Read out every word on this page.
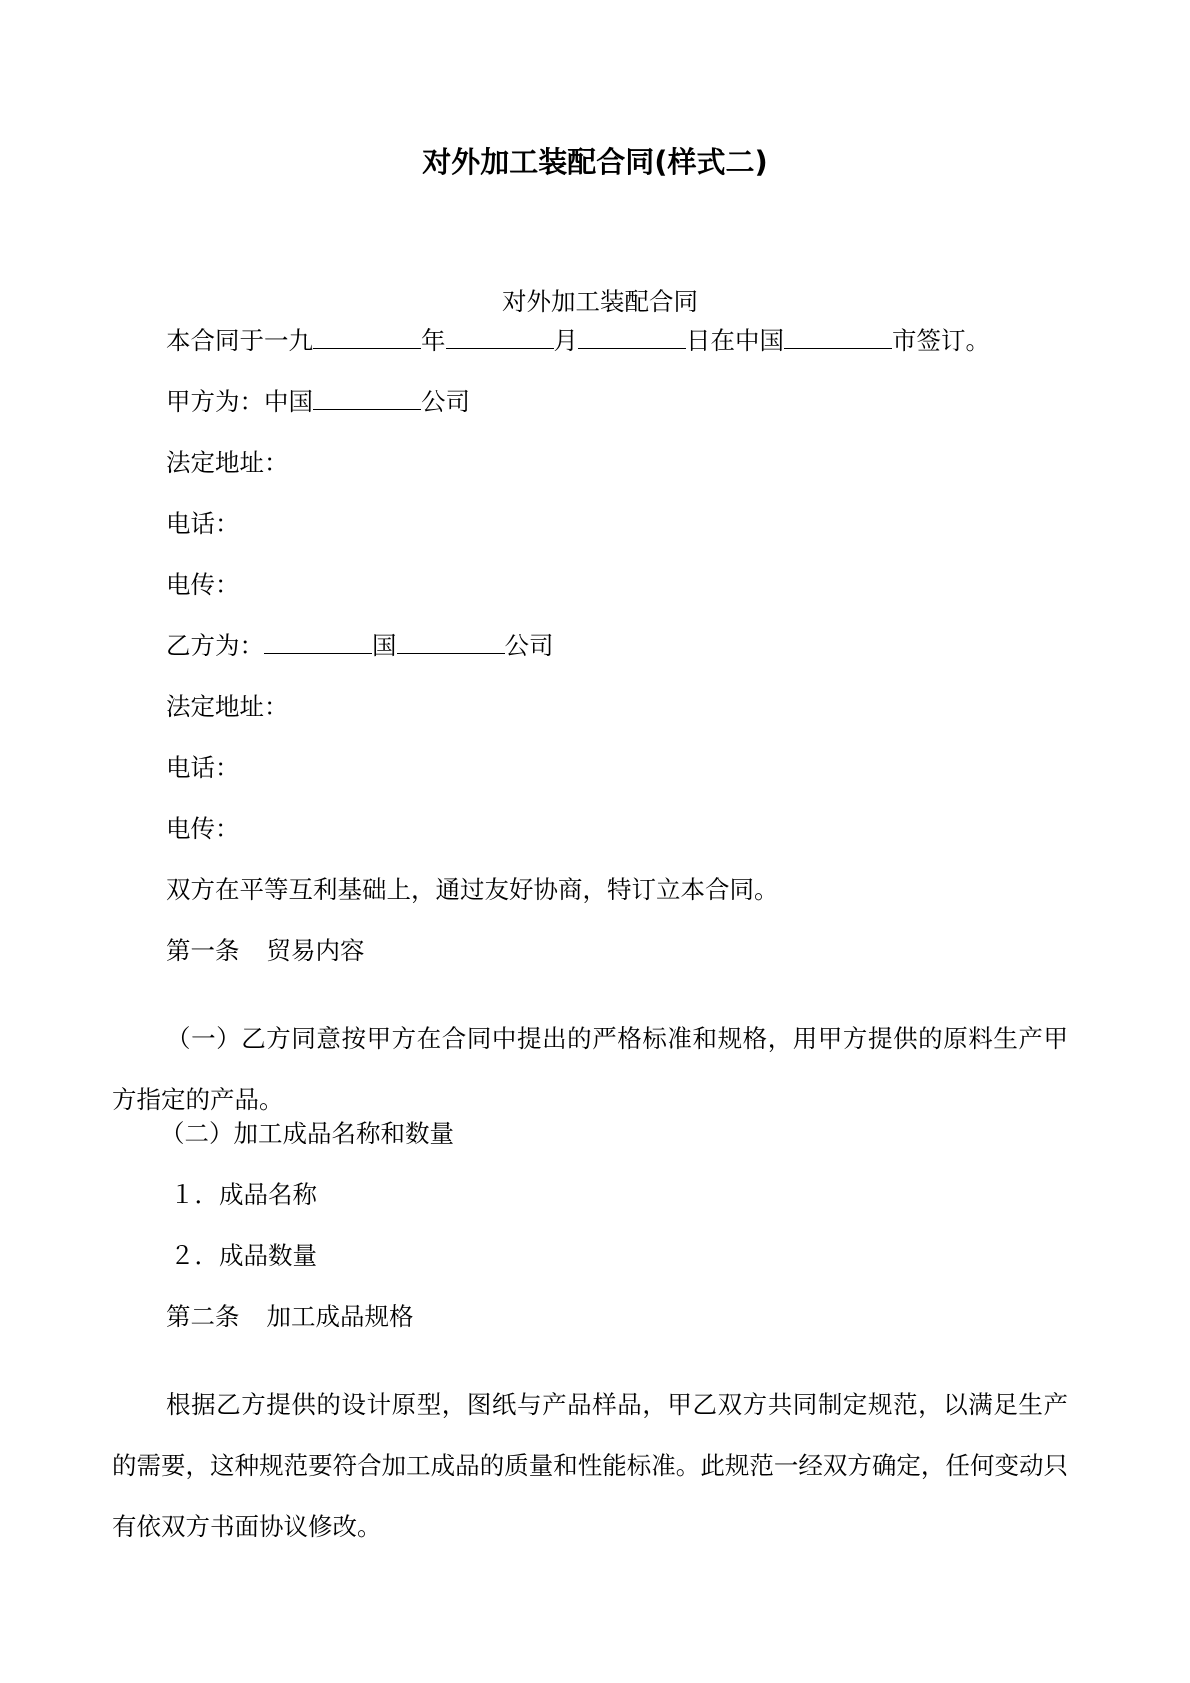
对外加工装配合同(样式二)
对外加工装配合同
本合同于一九	年	月	日在中国	市签订。
甲方为：中国	公司
法定地址：
电话：
电传：
乙方为：	国	公司
法定地址：
电话：
电传：
双方在平等互利基础上，通过友好协商，特订立本合同。
第一条 贸易内容
（一）乙方同意按甲方在合同中提出的严格标准和规格，用甲方提供的原料生产甲方指定的产品。
（二）加工成品名称和数量
１．成品名称
２．成品数量
第二条 加工成品规格
根据乙方提供的设计原型，图纸与产品样品，甲乙双方共同制定规范，以满足生产的需要，这种规范要符合加工成品的质量和性能标准。此规范一经双方确定，任何变动只有依双方书面协议修改。
